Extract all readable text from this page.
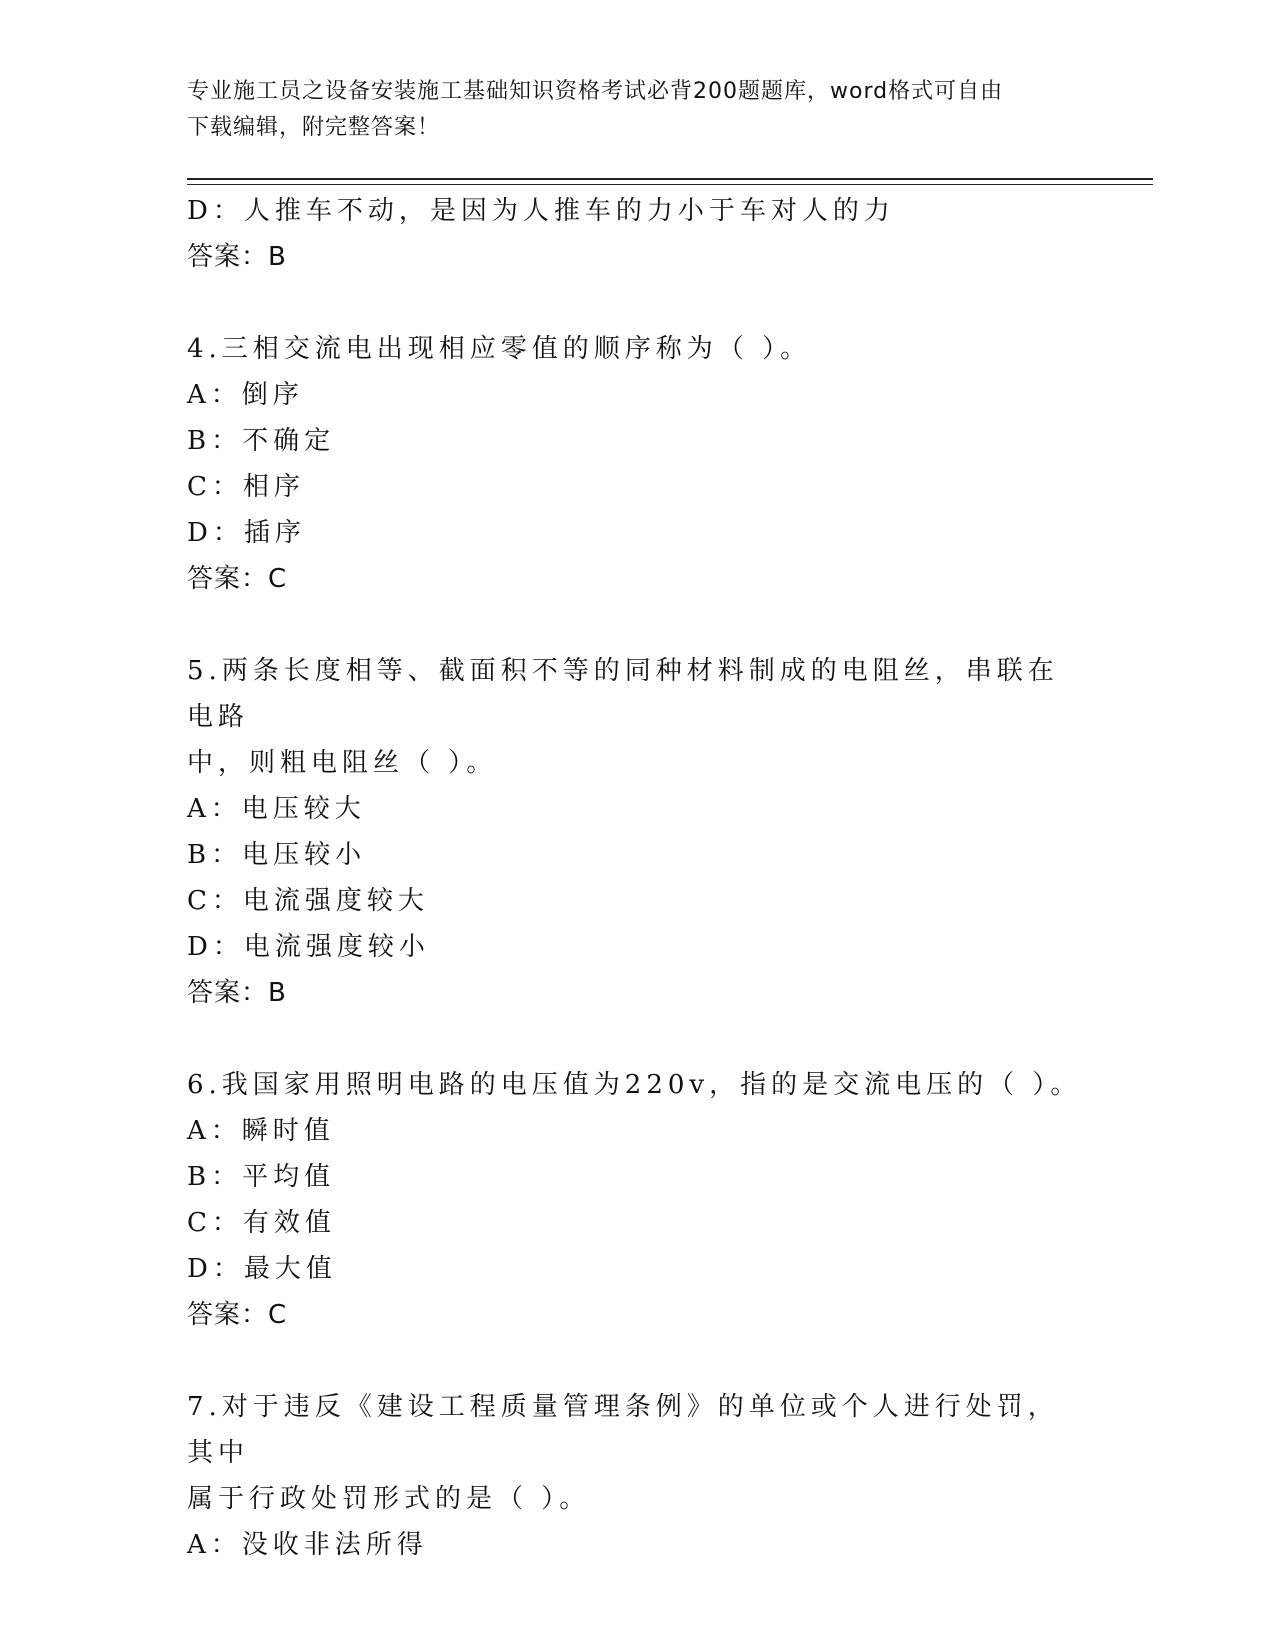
专业施工员之设备安装施工基础知识资格考试必背200题题库，word格式可自由
下载编辑，附完整答案！
D：人推车不动，是因为人推车的力小于车对人的力
答案：B
4.三相交流电出现相应零值的顺序称为（ ）。
A：倒序
B：不确定
C：相序
D：插序
答案：C
5.两条长度相等、截面积不等的同种材料制成的电阻丝，串联在电路
中，则粗电阻丝（ ）。
A：电压较大
B：电压较小
C：电流强度较大
D：电流强度较小
答案：B
6.我国家用照明电路的电压值为220v，指的是交流电压的（ ）。
A：瞬时值
B：平均值
C：有效值
D：最大值
答案：C
7.对于违反《建设工程质量管理条例》的单位或个人进行处罚，其中
属于行政处罚形式的是（ ）。
A：没收非法所得
